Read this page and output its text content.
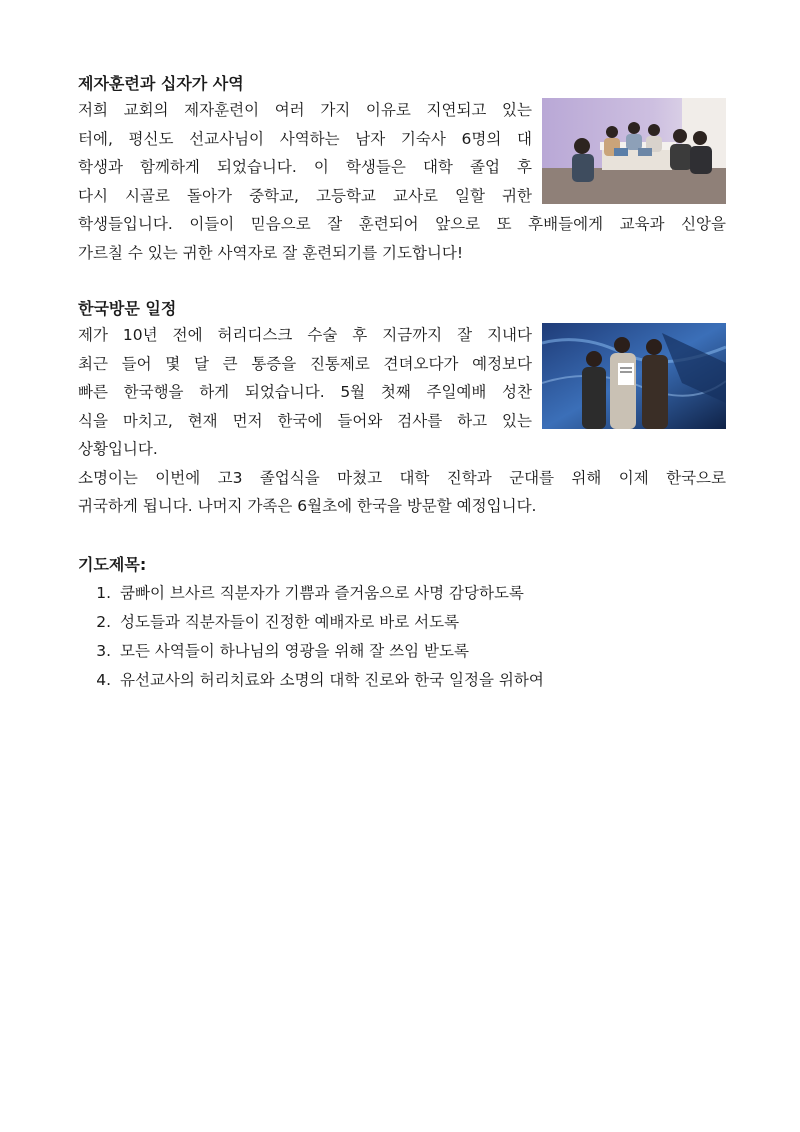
제자훈련과 십자가 사역
저희 교회의 제자훈련이 여러 가지 이유로 지연되고 있는
터에, 평신도 선교사님이 사역하는 남자 기숙사 6명의 대
학생과 함께하게 되었습니다. 이 학생들은 대학 졸업 후
다시 시골로 돌아가 중학교, 고등학교 교사로 일할 귀한
학생들입니다. 이들이 믿음으로 잘 훈련되어 앞으로 또 후배들에게 교육과 신앙을
가르칠 수 있는 귀한 사역자로 잘 훈련되기를 기도합니다!
한국방문 일정
제가 10년 전에 허리디스크 수술 후 지금까지 잘 지내다
최근 들어 몇 달 큰 통증을 진통제로 견뎌오다가 예정보다
빠른 한국행을 하게 되었습니다. 5월 첫째 주일예배 성찬
식을 마치고, 현재 먼저 한국에 들어와 검사를 하고 있는
상황입니다.
소명이는 이번에 고3 졸업식을 마쳤고 대학 진학과 군대를 위해 이제 한국으로
귀국하게 됩니다. 나머지 가족은 6월초에 한국을 방문할 예정입니다.
기도제목:
1. 쿰빠이 브사르 직분자가 기쁨과 즐거움으로 사명 감당하도록
2. 성도들과 직분자들이 진정한 예배자로 바로 서도록
3. 모든 사역들이 하나님의 영광을 위해 잘 쓰임 받도록
4. 유선교사의 허리치료와 소명의 대학 진로와 한국 일정을 위하여
